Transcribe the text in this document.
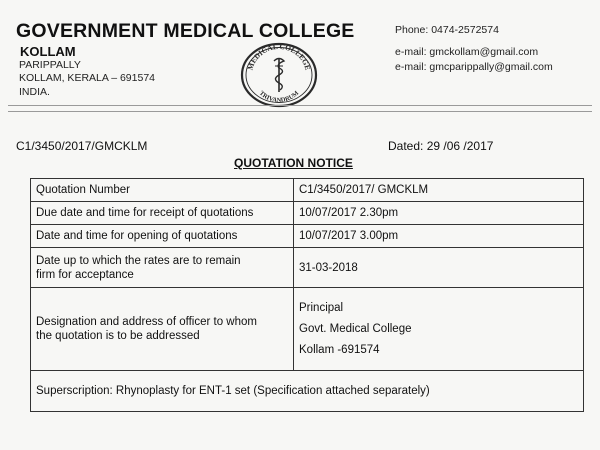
GOVERNMENT MEDICAL COLLEGE
KOLLAM
PARIPPALLY
KOLLAM, KERALA – 691574
INDIA.
MEDICAL COLLEGE
TRIVANDRUM
Phone: 0474-2572574
e-mail: gmckollam@gmail.com
e-mail: gmcparippally@gmail.com
C1/3450/2017/GMCKLM	Dated: 29 /06 /2017
QUOTATION NOTICE
Quotation Number	C1/3450/2017/ GMCKLM
Due date and time for receipt of quotations	10/07/2017 2.30pm
Date and time for opening of quotations	10/07/2017 3.00pm

Date up to which the rates are to remain
firm for acceptance	31-03-2018

Designation and address of officer to whom
the quotation is to be addressed	Principal
Govt. Medical College
Kollam -691574

Superscription: Rhynoplasty for ENT-1 set (Specification attached separately)	
